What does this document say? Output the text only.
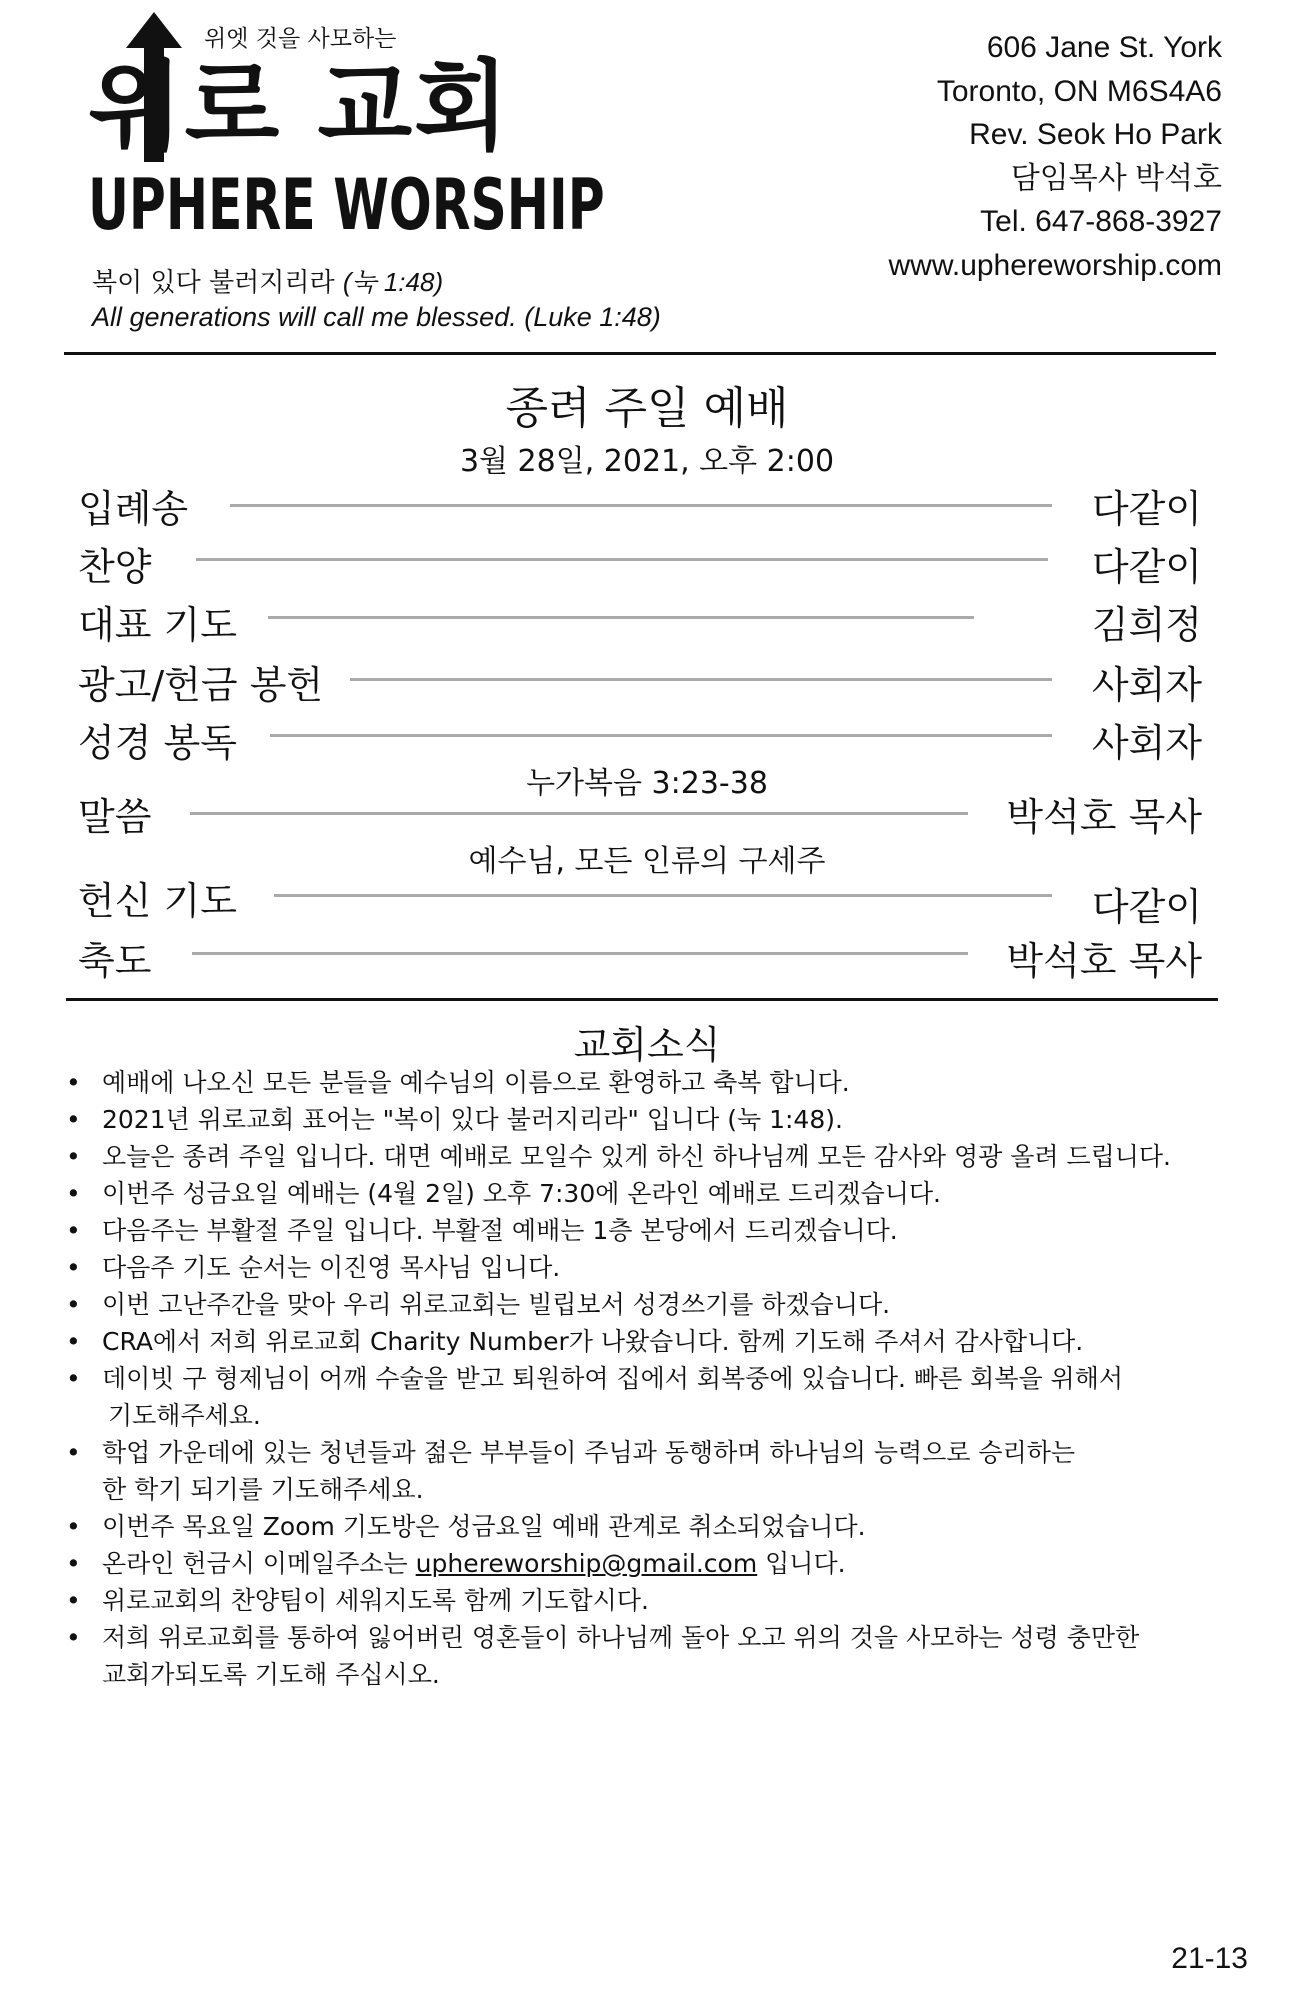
위엣 것을 사모하는
위로 교회
UPHERE WORSHIP
복이 있다 불러지리라 (눅 1:48)
All generations will call me blessed. (Luke 1:48)
606 Jane St. York
Toronto, ON M6S4A6
Rev. Seok Ho Park
담임목사 박석호
Tel. 647-868-3927
www.uphereworship.com
종려 주일 예배
3월 28일, 2021, 오후 2:00
입례송	다같이
찬양	다같이
대표 기도	김희정
광고/헌금 봉헌	사회자
성경 봉독	사회자
누가복음 3:23-38
말씀	박석호 목사
예수님, 모든 인류의 구세주
헌신 기도	다같이
축도	박석호 목사
교회소식
• 예배에 나오신 모든 분들을 예수님의 이름으로 환영하고 축복 합니다.
• 2021년 위로교회 표어는 "복이 있다 불러지리라" 입니다 (눅 1:48).
• 오늘은 종려 주일 입니다. 대면 예배로 모일수 있게 하신 하나님께 모든 감사와 영광 올려 드립니다.
• 이번주 성금요일 예배는 (4월 2일) 오후 7:30에 온라인 예배로 드리겠습니다.
• 다음주는 부활절 주일 입니다. 부활절 예배는 1층 본당에서 드리겠습니다.
• 다음주 기도 순서는 이진영 목사님 입니다.
• 이번 고난주간을 맞아 우리 위로교회는 빌립보서 성경쓰기를 하겠습니다.
• CRA에서 저희 위로교회 Charity Number가 나왔습니다. 함께 기도해 주셔서 감사합니다.
• 데이빗 구 형제님이 어깨 수술을 받고 퇴원하여 집에서 회복중에 있습니다. 빠른 회복을 위해서
기도해주세요.
• 학업 가운데에 있는 청년들과 젊은 부부들이 주님과 동행하며 하나님의 능력으로 승리하는
한 학기 되기를 기도해주세요.
• 이번주 목요일 Zoom 기도방은 성금요일 예배 관계로 취소되었습니다.
• 온라인 헌금시 이메일주소는 uphereworship@gmail.com 입니다.
• 위로교회의 찬양팀이 세워지도록 함께 기도합시다.
• 저희 위로교회를 통하여 잃어버린 영혼들이 하나님께 돌아 오고 위의 것을 사모하는 성령 충만한
교회가되도록 기도해 주십시오.
21-13
